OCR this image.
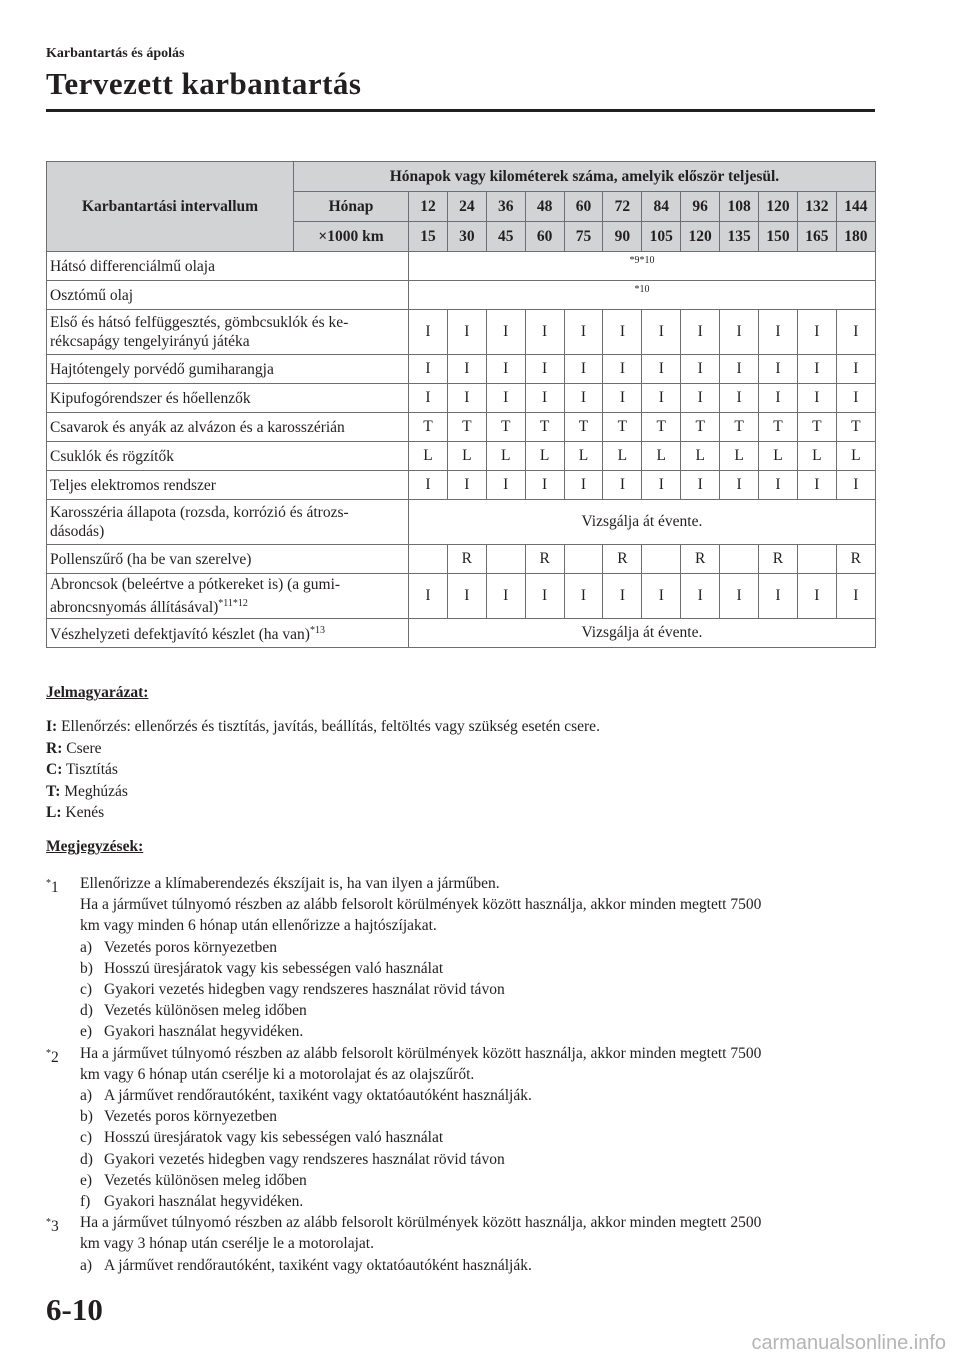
Karbantartás és ápolás
Tervezett karbantartás
Karbantartási intervallum	Hónapok vagy kilométerek száma, amelyik először teljesül.												
	Hónap	12	24	36	48	60	72	84	96	108	120	132	144
	×1000 km	15	30	45	60	75	90	105	120	135	150	165	180
Hátsó differenciálmű olaja		$^{*9*10}$
Osztómű olaj		$^{*10}$
Első és hátsó felfüggesztés, gömbcsuklók és ke-
rékcsapágy tengelyirányú játéka		I	I	I	I	I	I	I	I	I	I	I	I
Hajtótengely porvédő gumiharangja		I	I	I	I	I	I	I	I	I	I	I	I
Kipufogórendszer és hőellenzők		I	I	I	I	I	I	I	I	I	I	I	I
Csavarok és anyák az alvázon és a karosszérián		T	T	T	T	T	T	T	T	T	T	T	T
Csuklók és rögzítők		L	L	L	L	L	L	L	L	L	L	L	L
Teljes elektromos rendszer		I	I	I	I	I	I	I	I	I	I	I	I
Karosszéria állapota (rozsda, korrózió és átrozs-
dásodás)		Vizsgálja át évente.											
Pollenszűrő (ha be van szerelve)			R		R		R		R		R		R
Abroncsok (beleértve a pótkereket is) (a gumi-
abroncsnyomás állításával)$^{*11*12}$		I	I	I	I	I	I	I	I	I	I	I	I
Vészhelyzeti defektjavító készlet (ha van)$^{*13}$		Vizsgálja át évente.											
Jelmagyarázat:
I: Ellenőrzés: ellenőrzés és tisztítás, javítás, beállítás, feltöltés vagy szükség esetén csere.
R: Csere
C: Tisztítás
T: Meghúzás
L: Kenés
Megjegyzések:
*1 Ellenőrizze a klímaberendezés ékszíjait is, ha van ilyen a járműben.
Ha a járművet túlnyomó részben az alább felsorolt körülmények között használja, akkor minden megtett 7500
km vagy minden 6 hónap után ellenőrizze a hajtószíjakat.
a) Vezetés poros környezetben
b) Hosszú üresjáratok vagy kis sebességen való használat
c) Gyakori vezetés hidegben vagy rendszeres használat rövid távon
d) Vezetés különösen meleg időben
e) Gyakori használat hegyvidéken.
*2 Ha a járművet túlnyomó részben az alább felsorolt körülmények között használja, akkor minden megtett 7500
km vagy 6 hónap után cserélje ki a motorolajat és az olajszűrőt.
a) A járművet rendőrautóként, taxiként vagy oktatóautóként használják.
b) Vezetés poros környezetben
c) Hosszú üresjáratok vagy kis sebességen való használat
d) Gyakori vezetés hidegben vagy rendszeres használat rövid távon
e) Vezetés különösen meleg időben
f) Gyakori használat hegyvidéken.
*3 Ha a járművet túlnyomó részben az alább felsorolt körülmények között használja, akkor minden megtett 2500
km vagy 3 hónap után cserélje le a motorolajat.
a) A járművet rendőrautóként, taxiként vagy oktatóautóként használják.
6-10
carmanualsonline.info
